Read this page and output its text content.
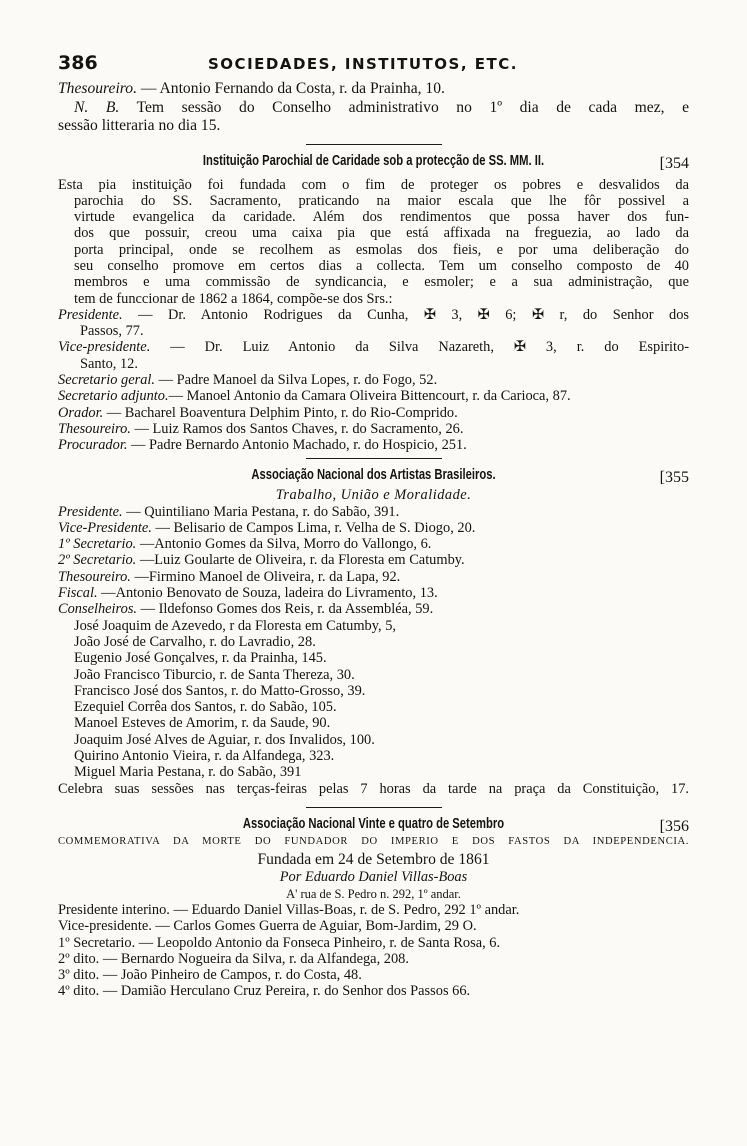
386	SOCIEDADES, INSTITUTOS, ETC.
Thesoureiro. — Antonio Fernando da Costa, r. da Prainha, 10.
N. B. Tem sessão do Conselho administrativo no 1º dia de cada mez, e
sessão litteraria no dia 15.
Instituição Parochial de Caridade sob a protecção de SS. MM. II.	[354
Esta pia instituição foi fundada com o fim de proteger os pobres e desvalidos da
parochia do SS. Sacramento, praticando na maior escala que lhe fôr possivel a
virtude evangelica da caridade. Além dos rendimentos que possa haver dos fun-
dos que possuir, creou uma caixa pia que está affixada na freguezia, ao lado da
porta principal, onde se recolhem as esmolas dos fieis, e por uma deliberação do
seu conselho promove em certos dias a collecta. Tem um conselho composto de 40
membros e uma commissão de syndicancia, e esmoler; e a sua administração, que
tem de funccionar de 1862 a 1864, compõe-se dos Srs.:
Presidente. — Dr. Antonio Rodrigues da Cunha, ✠ 3, ✠ 6; ✠ r, do Senhor dos
Passos, 77.
Vice-presidente. — Dr. Luiz Antonio da Silva Nazareth, ✠ 3, r. do Espirito-
Santo, 12.
Secretario geral. — Padre Manoel da Silva Lopes, r. do Fogo, 52.
Secretario adjunto.— Manoel Antonio da Camara Oliveira Bittencourt, r. da Carioca, 87.
Orador. — Bacharel Boaventura Delphim Pinto, r. do Rio-Comprido.
Thesoureiro. — Luiz Ramos dos Santos Chaves, r. do Sacramento, 26.
Procurador. — Padre Bernardo Antonio Machado, r. do Hospicio, 251.
Associação Nacional dos Artistas Brasileiros.	[355
Trabalho, União e Moralidade.
Presidente. — Quintiliano Maria Pestana, r. do Sabão, 391.
Vice-Presidente. — Belisario de Campos Lima, r. Velha de S. Diogo, 20.
1º Secretario. —Antonio Gomes da Silva, Morro do Vallongo, 6.
2º Secretario. —Luiz Goularte de Oliveira, r. da Floresta em Catumby.
Thesoureiro. —Firmino Manoel de Oliveira, r. da Lapa, 92.
Fiscal. —Antonio Benovato de Souza, ladeira do Livramento, 13.
Conselheiros. — Ildefonso Gomes dos Reis, r. da Assembléa, 59.
José Joaquim de Azevedo, r da Floresta em Catumby, 5,
João José de Carvalho, r. do Lavradio, 28.
Eugenio José Gonçalves, r. da Prainha, 145.
João Francisco Tiburcio, r. de Santa Thereza, 30.
Francisco José dos Santos, r. do Matto-Grosso, 39.
Ezequiel Corrêa dos Santos, r. do Sabão, 105.
Manoel Esteves de Amorim, r. da Saude, 90.
Joaquim José Alves de Aguiar, r. dos Invalidos, 100.
Quirino Antonio Vieira, r. da Alfandega, 323.
Miguel Maria Pestana, r. do Sabão, 391
Celebra suas sessões nas terças-feiras pelas 7 horas da tarde na praça da Constituição, 17.
Associação Nacional Vinte e quatro de Setembro	[356
COMMEMORATIVA DA MORTE DO FUNDADOR DO IMPERIO E DOS FASTOS DA INDEPENDENCIA.
Fundada em 24 de Setembro de 1861
Por Eduardo Daniel Villas-Boas
A' rua de S. Pedro n. 292, 1º andar.
Presidente interino. — Eduardo Daniel Villas-Boas, r. de S. Pedro, 292 1º andar.
Vice-presidente. — Carlos Gomes Guerra de Aguiar, Bom-Jardim, 29 O.
1º Secretario. — Leopoldo Antonio da Fonseca Pinheiro, r. de Santa Rosa, 6.
2º dito. — Bernardo Nogueira da Silva, r. da Alfandega, 208.
3º dito. — João Pinheiro de Campos, r. do Costa, 48.
4º dito. — Damião Herculano Cruz Pereira, r. do Senhor dos Passos 66.
